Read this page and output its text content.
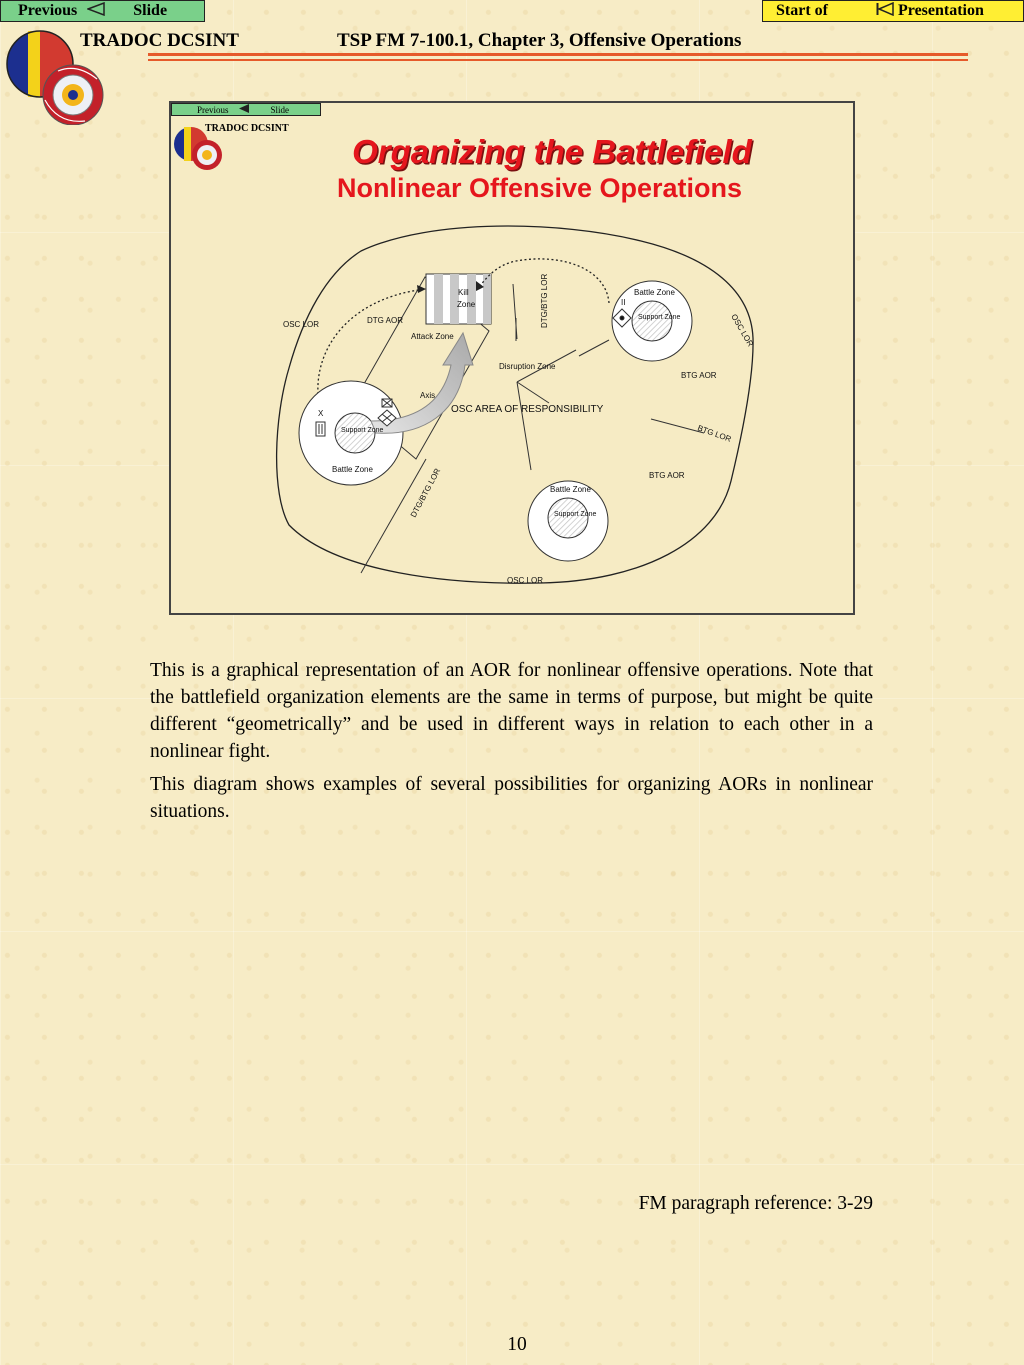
Previous	Slide	Start of	Presentation
TRADOC DCSINT	TSP FM 7-100.1, Chapter 3, Offensive Operations
Previous	Slide
TRADOC DCSINT
Organizing the Battlefield
Nonlinear Offensive Operations
Kill
Zone
Attack Zone
Axis
OSC AREA OF RESPONSIBILITY
Disruption Zone
OSC LOR
OSC LOR
DTG AOR
BTG AOR
BTG AOR
DTG/BTG LOR
DTG/BTG LOR
BTG LOR
OSC LOR
Battle Zone
Battle Zone
Battle Zone
Support Zone
Support Zone
Support Zone
X
II

This is a graphical representation of an AOR for nonlinear offensive operations. Note that the battlefield organization elements are the same in terms of purpose, but might be quite different “geometrically” and be used in different ways in relation to each other in a nonlinear fight.

This diagram shows examples of several possibilities for organizing AORs in nonlinear situations.

FM paragraph reference: 3-29
10
